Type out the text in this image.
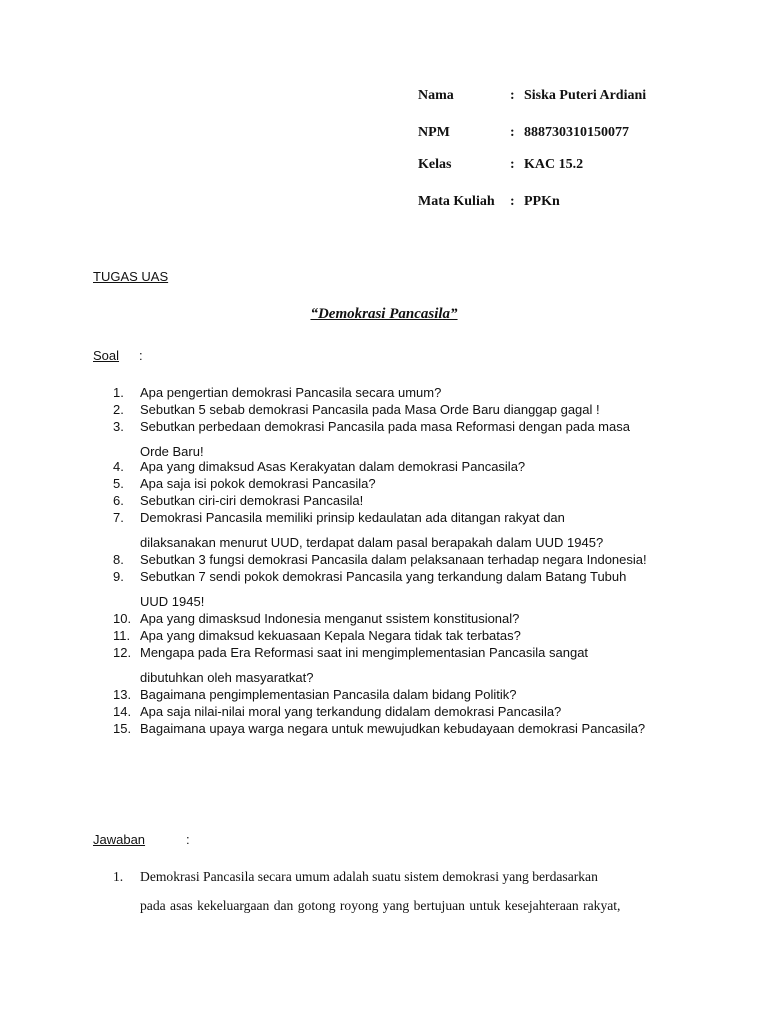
Nama	: Siska Puteri Ardiani
NPM	: 888730310150077
Kelas	: KAC 15.2
Mata Kuliah : PPKn
TUGAS UAS
“Demokrasi Pancasila”
Soal :
1. Apa pengertian demokrasi Pancasila secara umum?
2. Sebutkan 5 sebab demokrasi Pancasila pada Masa Orde Baru dianggap gagal !
3. Sebutkan perbedaan demokrasi Pancasila pada masa Reformasi dengan pada masa
Orde Baru!
4. Apa yang dimaksud Asas Kerakyatan dalam demokrasi Pancasila?
5. Apa saja isi pokok demokrasi Pancasila?
6. Sebutkan ciri-ciri demokrasi Pancasila!
7. Demokrasi Pancasila memiliki prinsip kedaulatan ada ditangan rakyat dan
dilaksanakan menurut UUD, terdapat dalam pasal berapakah dalam UUD 1945?
8. Sebutkan 3 fungsi demokrasi Pancasila dalam pelaksanaan terhadap negara Indonesia!
9. Sebutkan 7 sendi pokok demokrasi Pancasila yang terkandung dalam Batang Tubuh
UUD 1945!
10. Apa yang dimasksud Indonesia menganut ssistem konstitusional?
11. Apa yang dimaksud kekuasaan Kepala Negara tidak tak terbatas?
12. Mengapa pada Era Reformasi saat ini mengimplementasian Pancasila sangat
dibutuhkan oleh masyaratkat?
13. Bagaimana pengimplementasian Pancasila dalam bidang Politik?
14. Apa saja nilai-nilai moral yang terkandung didalam demokrasi Pancasila?
15. Bagaimana upaya warga negara untuk mewujudkan kebudayaan demokrasi Pancasila?
Jawaban	:
1. Demokrasi Pancasila secara umum adalah suatu sistem demokrasi yang berdasarkan
pada asas kekeluargaan dan gotong royong yang bertujuan untuk kesejahteraan rakyat,
